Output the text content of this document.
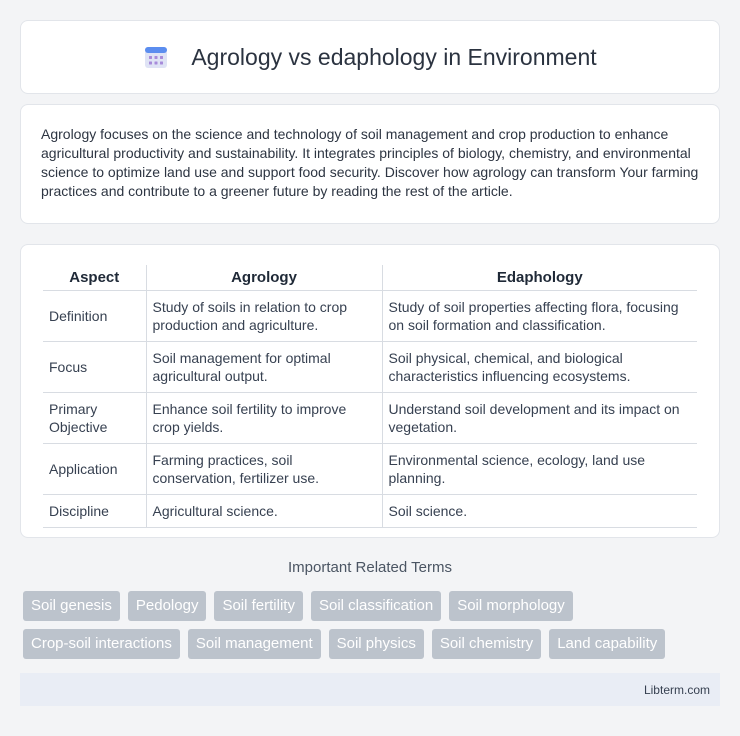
Agrology vs edaphology in Environment

Agrology focuses on the science and technology of soil management and crop production to enhance agricultural productivity and sustainability. It integrates principles of biology, chemistry, and environmental science to optimize land use and support food security. Discover how agrology can transform Your farming practices and contribute to a greener future by reading the rest of the article.

Aspect	Agrology	Edaphology
Definition	Study of soils in relation to crop production and agriculture.	Study of soil properties affecting flora, focusing on soil formation and classification.
Focus	Soil management for optimal agricultural output.	Soil physical, chemical, and biological characteristics influencing ecosystems.
Primary Objective	Enhance soil fertility to improve crop yields.	Understand soil development and its impact on vegetation.
Application	Farming practices, soil conservation, fertilizer use.	Environmental science, ecology, land use planning.
Discipline	Agricultural science.	Soil science.
Important Related Terms
Soil genesis	Pedology	Soil fertility	Soil classification	Soil morphology
Crop-soil interactions	Soil management	Soil physics	Soil chemistry	Land capability
Libterm.com
